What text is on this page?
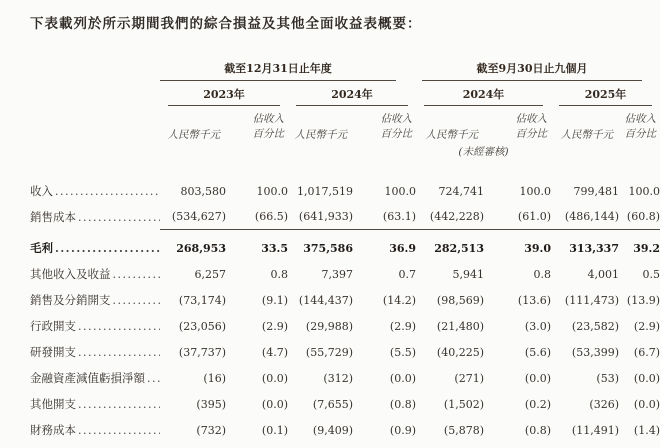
下表載列於所示期間我們的綜合損益及其他全面收益表概要：

截至12月31日止年度	截至9月30日止九個月
2023年	2024年	2024年	2025年
人民幣千元
佔收入
百分比	人民幣千元
佔收入
百分比	人民幣千元
佔收入
百分比	人民幣千元
佔收入
百分比
(未經審核)
收入 .....	803,580	100.0 1,017,519	100.0	724,741	100.0	799,481 100.0
銷售成本 .....	(534,627)	(66.5) (641,933)	(63.1)	(442,228)	(61.0)	(486,144) (60.8)
毛利 .....	268,953	33.5	375,586	36.9	282,513	39.0	313,337	39.2
其他收入及收益 .....	6,257	0.8	7,397	0.7	5,941	0.8	4,001	0.5
銷售及分銷開支 .....	(73,174)	(9.1) (144,437)	(14.2)	(98,569)	(13.6)	(111,473) (13.9)
行政開支 .....	(23,056)	(2.9)	(29,988)	(2.9)	(21,480)	(3.0)	(23,582)	(2.9)
研發開支 .....	(37,737)	(4.7)	(55,729)	(5.5)	(40,225)	(5.6)	(53,399)	(6.7)
金融資產減值虧損淨額 .....	(16)	(0.0)	(312)	(0.0)	(271)	(0.0)	(53)	(0.0)
其他開支 .....	(395)	(0.0)	(7,655)	(0.8)	(1,502)	(0.2)	(326)	(0.0)
財務成本 .....	(732)	(0.1)	(9,409)	(0.9)	(5,878)	(0.8)	(11,491)	(1.4)
